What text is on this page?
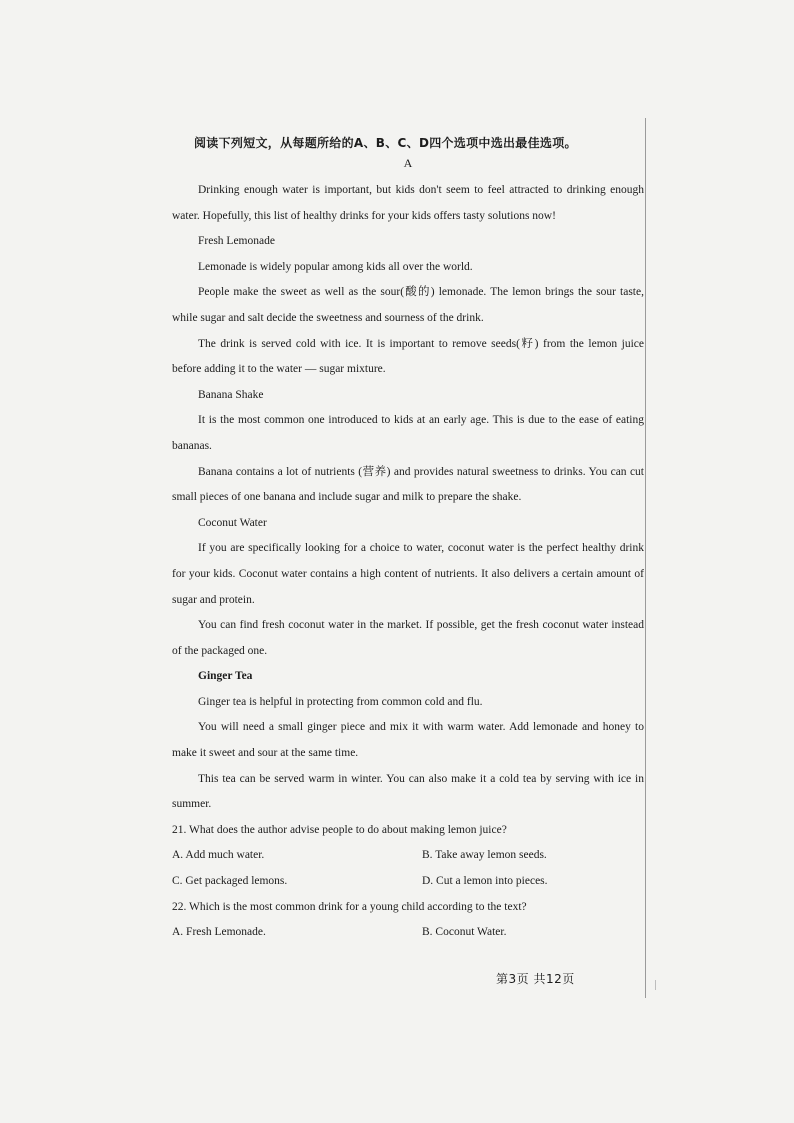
阅读下列短文，从每题所给的A、B、C、D四个选项中选出最佳选项。
A

Drinking enough water is important, but kids don't seem to feel attracted to drinking enough water. Hopefully, this list of healthy drinks for your kids offers tasty solutions now!

Fresh Lemonade

Lemonade is widely popular among kids all over the world.

People make the sweet as well as the sour(酸的) lemonade. The lemon brings the sour taste, while sugar and salt decide the sweetness and sourness of the drink.

The drink is served cold with ice. It is important to remove seeds(籽) from the lemon juice before adding it to the water — sugar mixture.

Banana Shake

It is the most common one introduced to kids at an early age. This is due to the ease of eating bananas.

Banana contains a lot of nutrients (营养) and provides natural sweetness to drinks. You can cut small pieces of one banana and include sugar and milk to prepare the shake.

Coconut Water

If you are specifically looking for a choice to water, coconut water is the perfect healthy drink for your kids. Coconut water contains a high content of nutrients. It also delivers a certain amount of sugar and protein.

You can find fresh coconut water in the market. If possible, get the fresh coconut water instead of the packaged one.

Ginger Tea

Ginger tea is helpful in protecting from common cold and flu.

You will need a small ginger piece and mix it with warm water. Add lemonade and honey to make it sweet and sour at the same time.

This tea can be served warm in winter. You can also make it a cold tea by serving with ice in summer.

21. What does the author advise people to do about making lemon juice?
A. Add much water.	B. Take away lemon seeds.
C. Get packaged lemons.	D. Cut a lemon into pieces.
22. Which is the most common drink for a young child according to the text?
A. Fresh Lemonade.	B. Coconut Water.
第3页 共12页
